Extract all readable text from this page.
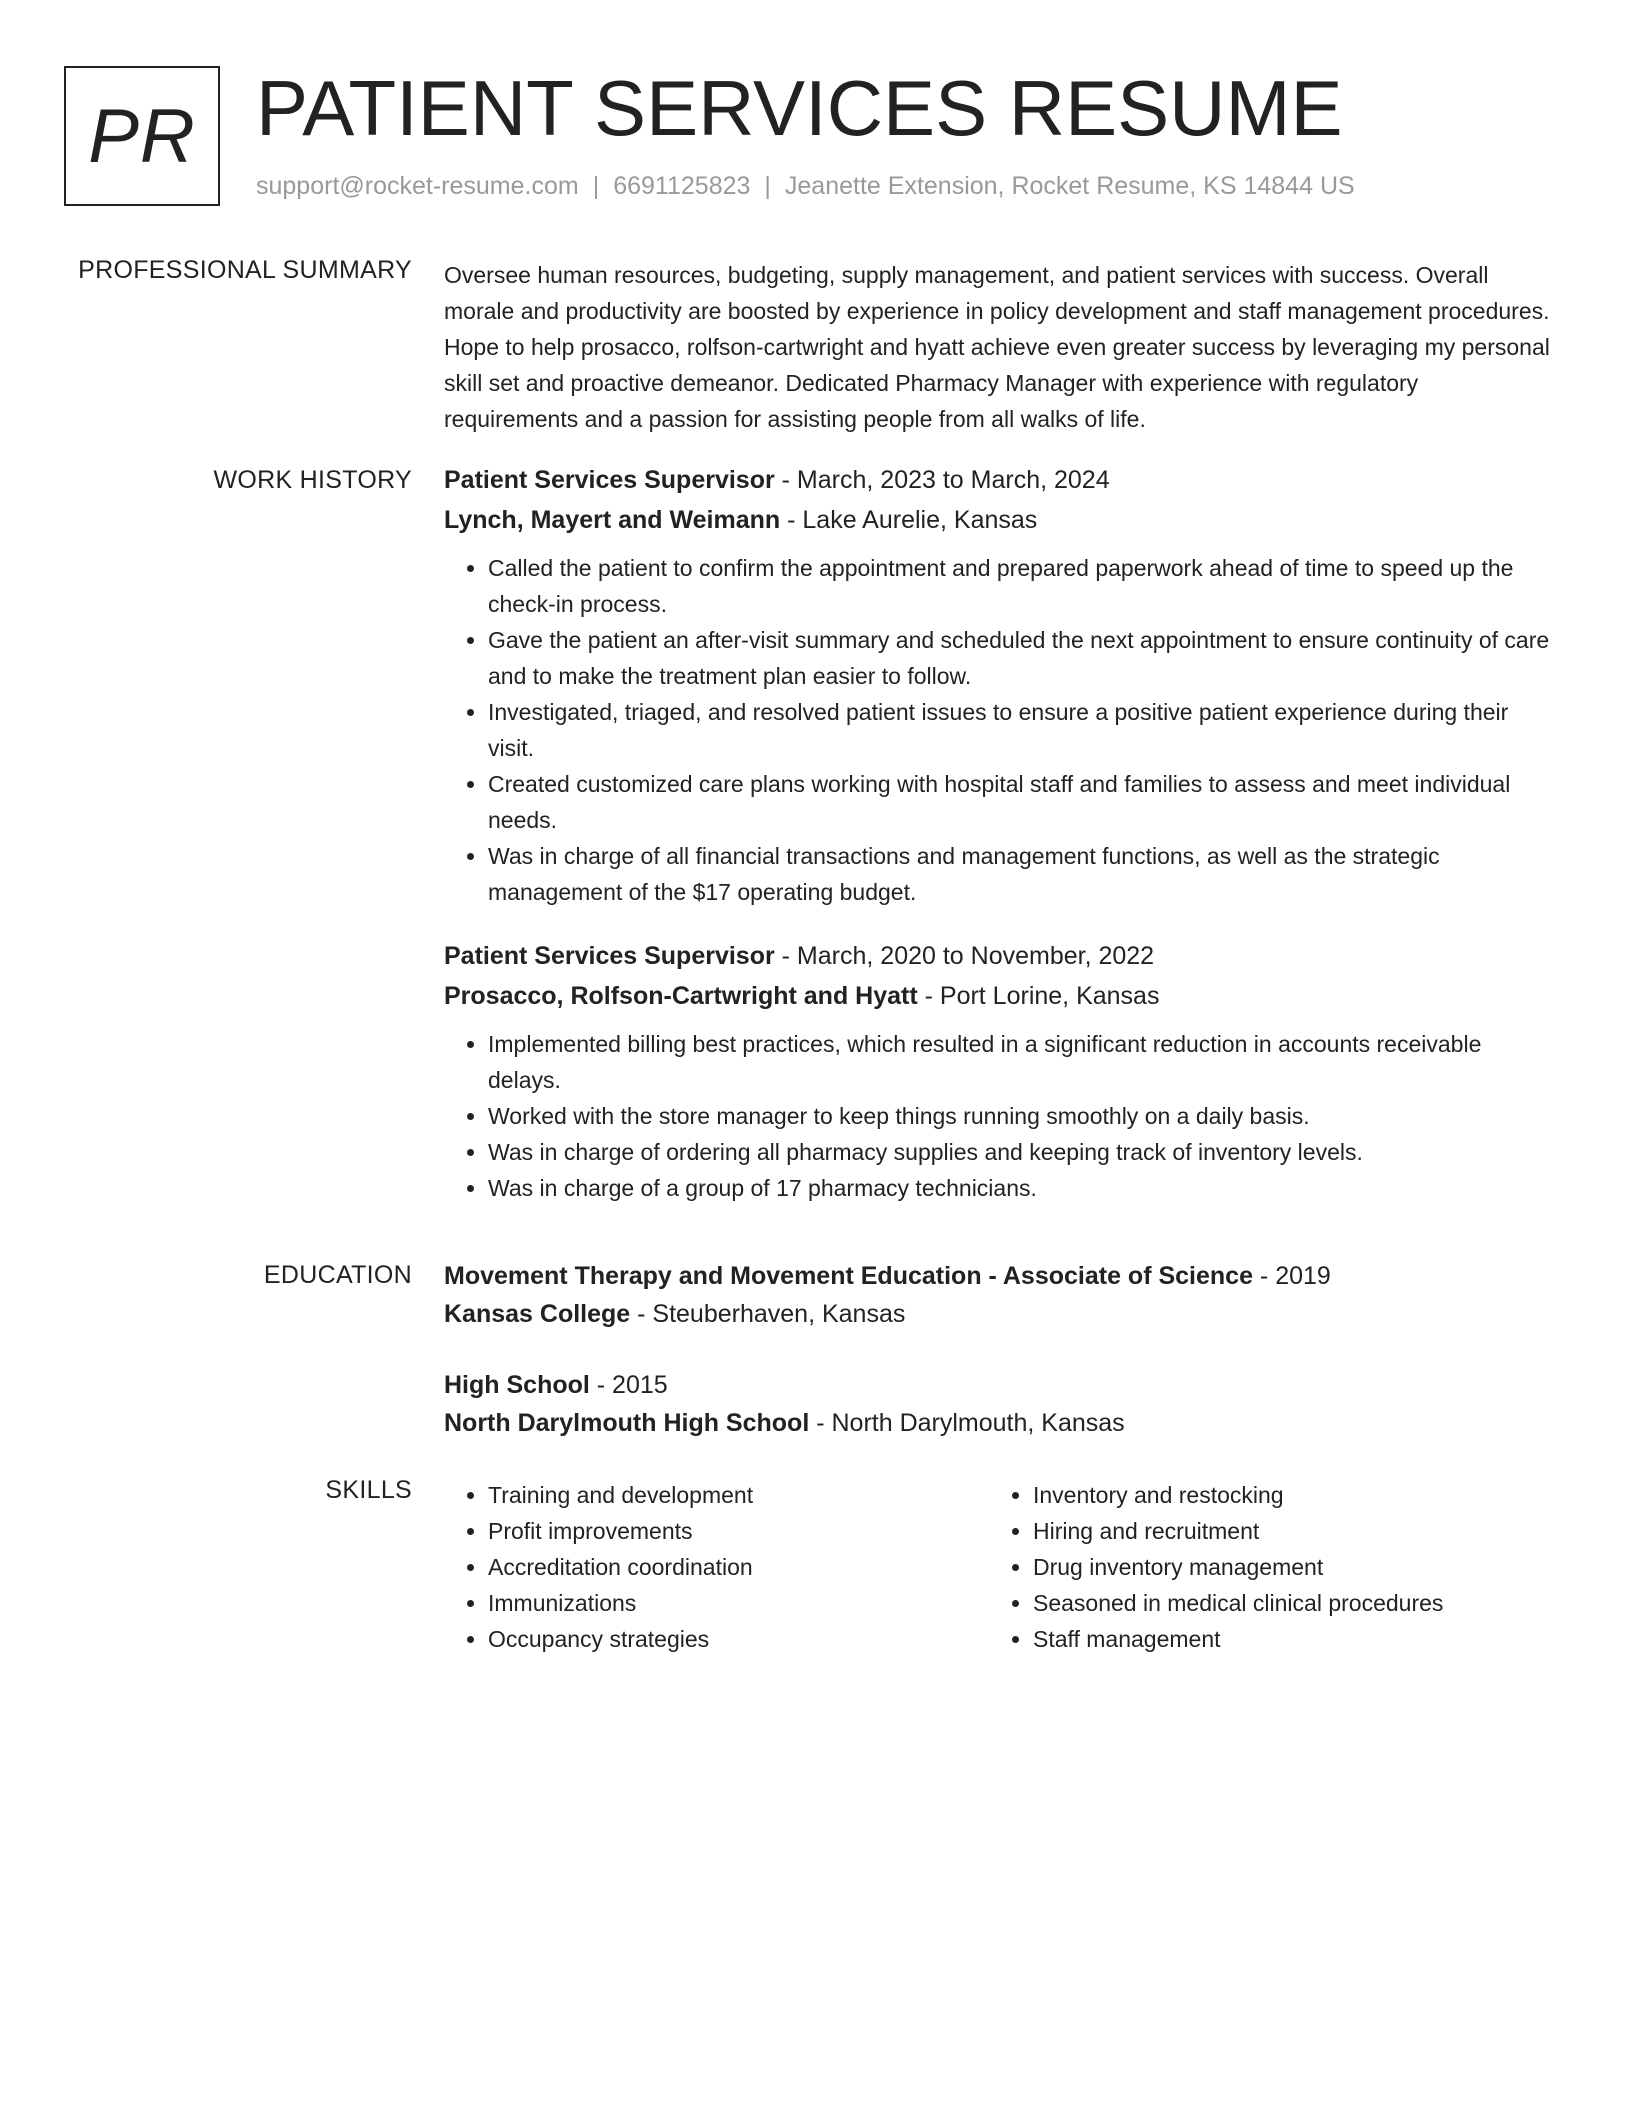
PR PATIENT SERVICES RESUME
support@rocket-resume.com | 6691125823 | Jeanette Extension, Rocket Resume, KS 14844 US
PROFESSIONAL SUMMARY Oversee human resources, budgeting, supply management, and patient services with success. Overall morale and productivity are boosted by experience in policy development and staff management procedures. Hope to help prosacco, rolfson-cartwright and hyatt achieve even greater success by leveraging my personal skill set and proactive demeanor. Dedicated Pharmacy Manager with experience with regulatory requirements and a passion for assisting people from all walks of life.

WORK HISTORY Patient Services Supervisor - March, 2023 to March, 2024
Lynch, Mayert and Weimann - Lake Aurelie, Kansas
• Called the patient to confirm the appointment and prepared paperwork ahead of time to speed up the check-in process.
• Gave the patient an after-visit summary and scheduled the next appointment to ensure continuity of care and to make the treatment plan easier to follow.
• Investigated, triaged, and resolved patient issues to ensure a positive patient experience during their visit.
• Created customized care plans working with hospital staff and families to assess and meet individual needs.
• Was in charge of all financial transactions and management functions, as well as the strategic management of the $17 operating budget.
Patient Services Supervisor - March, 2020 to November, 2022
Prosacco, Rolfson-Cartwright and Hyatt - Port Lorine, Kansas
• Implemented billing best practices, which resulted in a significant reduction in accounts receivable delays.
• Worked with the store manager to keep things running smoothly on a daily basis.
• Was in charge of ordering all pharmacy supplies and keeping track of inventory levels.
• Was in charge of a group of 17 pharmacy technicians.
EDUCATION Movement Therapy and Movement Education - Associate of Science - 2019
Kansas College - Steuberhaven, Kansas
High School - 2015
North Darylmouth High School - North Darylmouth, Kansas
SKILLS
•	Training and development
• Profit improvements
• Accreditation coordination
• Immunizations
• Occupancy strategies
• Inventory and restocking
• Hiring and recruitment
• Drug inventory management
• Seasoned in medical clinical procedures
• Staff management
